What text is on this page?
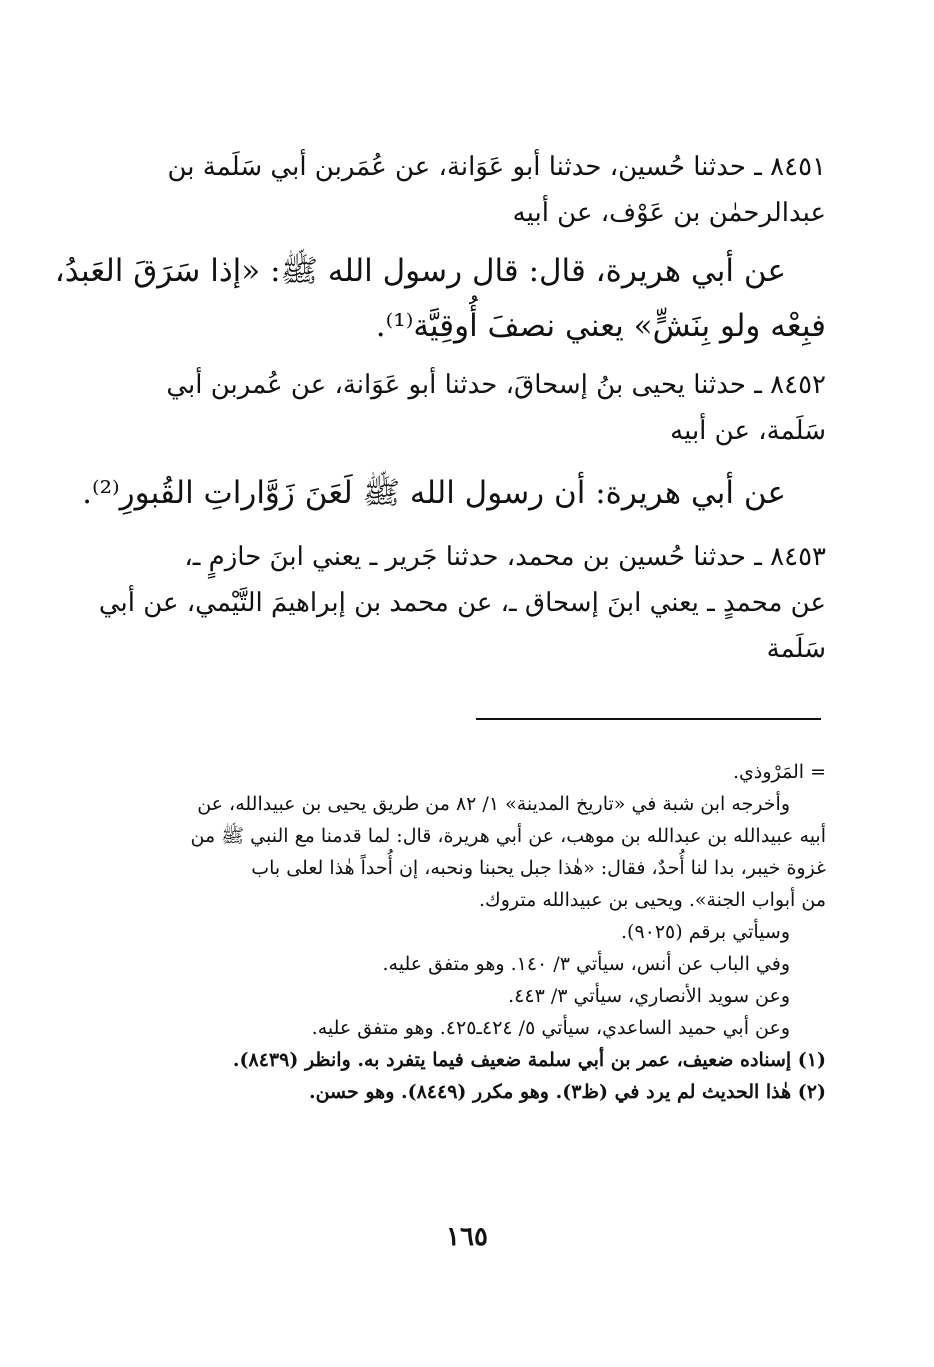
٨٤٥١ ـ حدثنا حُسين، حدثنا أبو عَوَانة، عن عُمَربن أبي سَلَمة بن
عبدالرحمٰن بن عَوْف، عن أبيه
عن أبي هريرة، قال: قال رسول الله ﷺ: «إذا سَرَقَ العَبدُ،
فبِعْه ولو بِنَشٍّ» يعني نصفَ أُوقِيَّة⁽¹⁾.
٨٤٥٢ ـ حدثنا يحيى بنُ إسحاقَ، حدثنا أبو عَوَانة، عن عُمربن أبي
سَلَمة، عن أبيه
عن أبي هريرة: أن رسول الله ﷺ لَعَنَ زَوَّاراتِ القُبورِ⁽²⁾.
٨٤٥٣ ـ حدثنا حُسين بن محمد، حدثنا جَرير ـ يعني ابنَ حازمٍ ـ،
عن محمدٍ ـ يعني ابنَ إسحاق ـ، عن محمد بن إبراهيمَ التَّيْمي، عن أبي
سَلَمة
= المَرْوذي.
وأخرجه ابن شبة في «تاريخ المدينة» ١/ ٨٢ من طريق يحيى بن عبيدالله، عن
أبيه عبيدالله بن عبدالله بن موهب، عن أبي هريرة، قال: لما قدمنا مع النبي ﷺ من
غزوة خيبر، بدا لنا أُحدٌ، فقال: «هٰذا جبل يحبنا ونحبه، إن أُحداً هٰذا لعلى باب
من أبواب الجنة». ويحيى بن عبيدالله متروك.
وسيأتي برقم (٩٠٢٥).
وفي الباب عن أنس، سيأتي ٣/ ١٤٠. وهو متفق عليه.
وعن سويد الأنصاري، سيأتي ٣/ ٤٤٣.
وعن أبي حميد الساعدي، سيأتي ٥/ ٤٢٤ـ٤٢٥. وهو متفق عليه.
(١) إسناده ضعيف، عمر بن أبي سلمة ضعيف فيما يتفرد به. وانظر (٨٤٣٩).
(٢) هٰذا الحديث لم يرد في (ظ٣). وهو مكرر (٨٤٤٩). وهو حسن.
١٦٥
